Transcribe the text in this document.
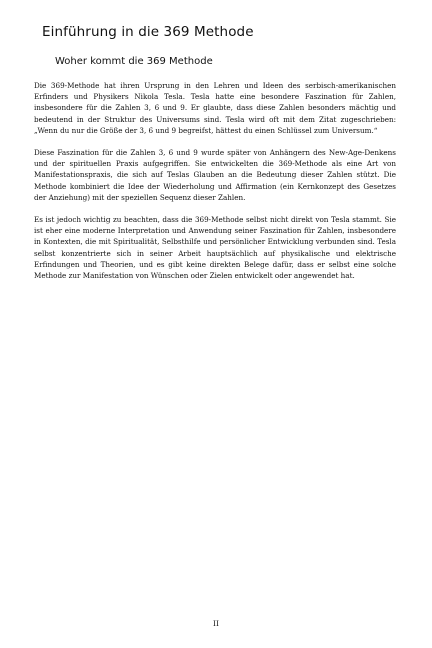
Einführung in die 369 Methode
Woher kommt die 369 Methode

Die 369-Methode hat ihren Ursprung in den Lehren und Ideen des serbisch-amerikanischen Erfinders und Physikers Nikola Tesla. Tesla hatte eine besondere Faszination für Zahlen, insbesondere für die Zahlen 3, 6 und 9. Er glaubte, dass diese Zahlen besonders mächtig und bedeutend in der Struktur des Universums sind. Tesla wird oft mit dem Zitat zugeschrieben: „Wenn du nur die Größe der 3, 6 und 9 begreifst, hättest du einen Schlüssel zum Universum.“

Diese Faszination für die Zahlen 3, 6 und 9 wurde später von Anhängern des New-Age-Denkens und der spirituellen Praxis aufgegriffen. Sie entwickelten die 369-Methode als eine Art von Manifestationspraxis, die sich auf Teslas Glauben an die Bedeutung dieser Zahlen stützt. Die Methode kombiniert die Idee der Wiederholung und Affirmation (ein Kernkonzept des Gesetzes der Anziehung) mit der speziellen Sequenz dieser Zahlen.

Es ist jedoch wichtig zu beachten, dass die 369-Methode selbst nicht direkt von Tesla stammt. Sie ist eher eine moderne Interpretation und Anwendung seiner Faszination für Zahlen, insbesondere in Kontexten, die mit Spiritualität, Selbsthilfe und persönlicher Entwicklung verbunden sind. Tesla selbst konzentrierte sich in seiner Arbeit hauptsächlich auf physikalische und elektrische Erfindungen und Theorien, und es gibt keine direkten Belege dafür, dass er selbst eine solche Methode zur Manifestation von Wünschen oder Zielen entwickelt oder angewendet hat.

II
